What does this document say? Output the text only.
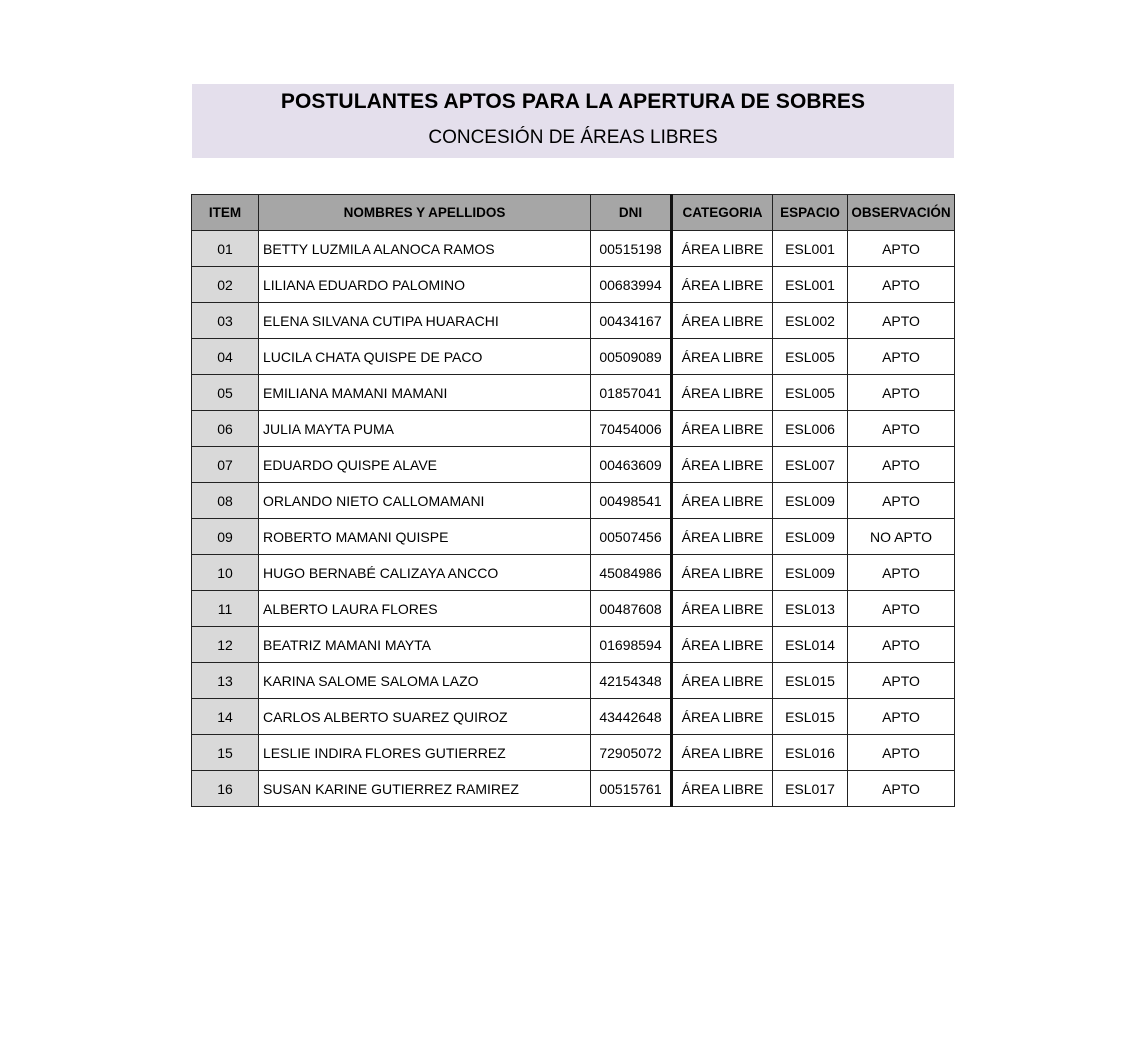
POSTULANTES APTOS PARA LA APERTURA DE SOBRES
CONCESIÓN DE ÁREAS LIBRES
ITEM	NOMBRES Y APELLIDOS	DNI	CATEGORIA	ESPACIO	OBSERVACIÓN
01	BETTY LUZMILA ALANOCA RAMOS	00515198	ÁREA LIBRE	ESL001	APTO
02	LILIANA EDUARDO PALOMINO	00683994	ÁREA LIBRE	ESL001	APTO
03	ELENA SILVANA CUTIPA HUARACHI	00434167	ÁREA LIBRE	ESL002	APTO
04	LUCILA CHATA QUISPE DE PACO	00509089	ÁREA LIBRE	ESL005	APTO
05	EMILIANA MAMANI MAMANI	01857041	ÁREA LIBRE	ESL005	APTO
06	JULIA MAYTA PUMA	70454006	ÁREA LIBRE	ESL006	APTO
07	EDUARDO QUISPE ALAVE	00463609	ÁREA LIBRE	ESL007	APTO
08	ORLANDO NIETO CALLOMAMANI	00498541	ÁREA LIBRE	ESL009	APTO
09	ROBERTO MAMANI QUISPE	00507456	ÁREA LIBRE	ESL009	NO APTO
10	HUGO BERNABÉ CALIZAYA ANCCO	45084986	ÁREA LIBRE	ESL009	APTO
11	ALBERTO LAURA FLORES	00487608	ÁREA LIBRE	ESL013	APTO
12	BEATRIZ MAMANI MAYTA	01698594	ÁREA LIBRE	ESL014	APTO
13	KARINA SALOME SALOMA LAZO	42154348	ÁREA LIBRE	ESL015	APTO
14	CARLOS ALBERTO SUAREZ QUIROZ	43442648	ÁREA LIBRE	ESL015	APTO
15	LESLIE INDIRA FLORES GUTIERREZ	72905072	ÁREA LIBRE	ESL016	APTO
16	SUSAN KARINE GUTIERREZ RAMIREZ	00515761	ÁREA LIBRE	ESL017	APTO
